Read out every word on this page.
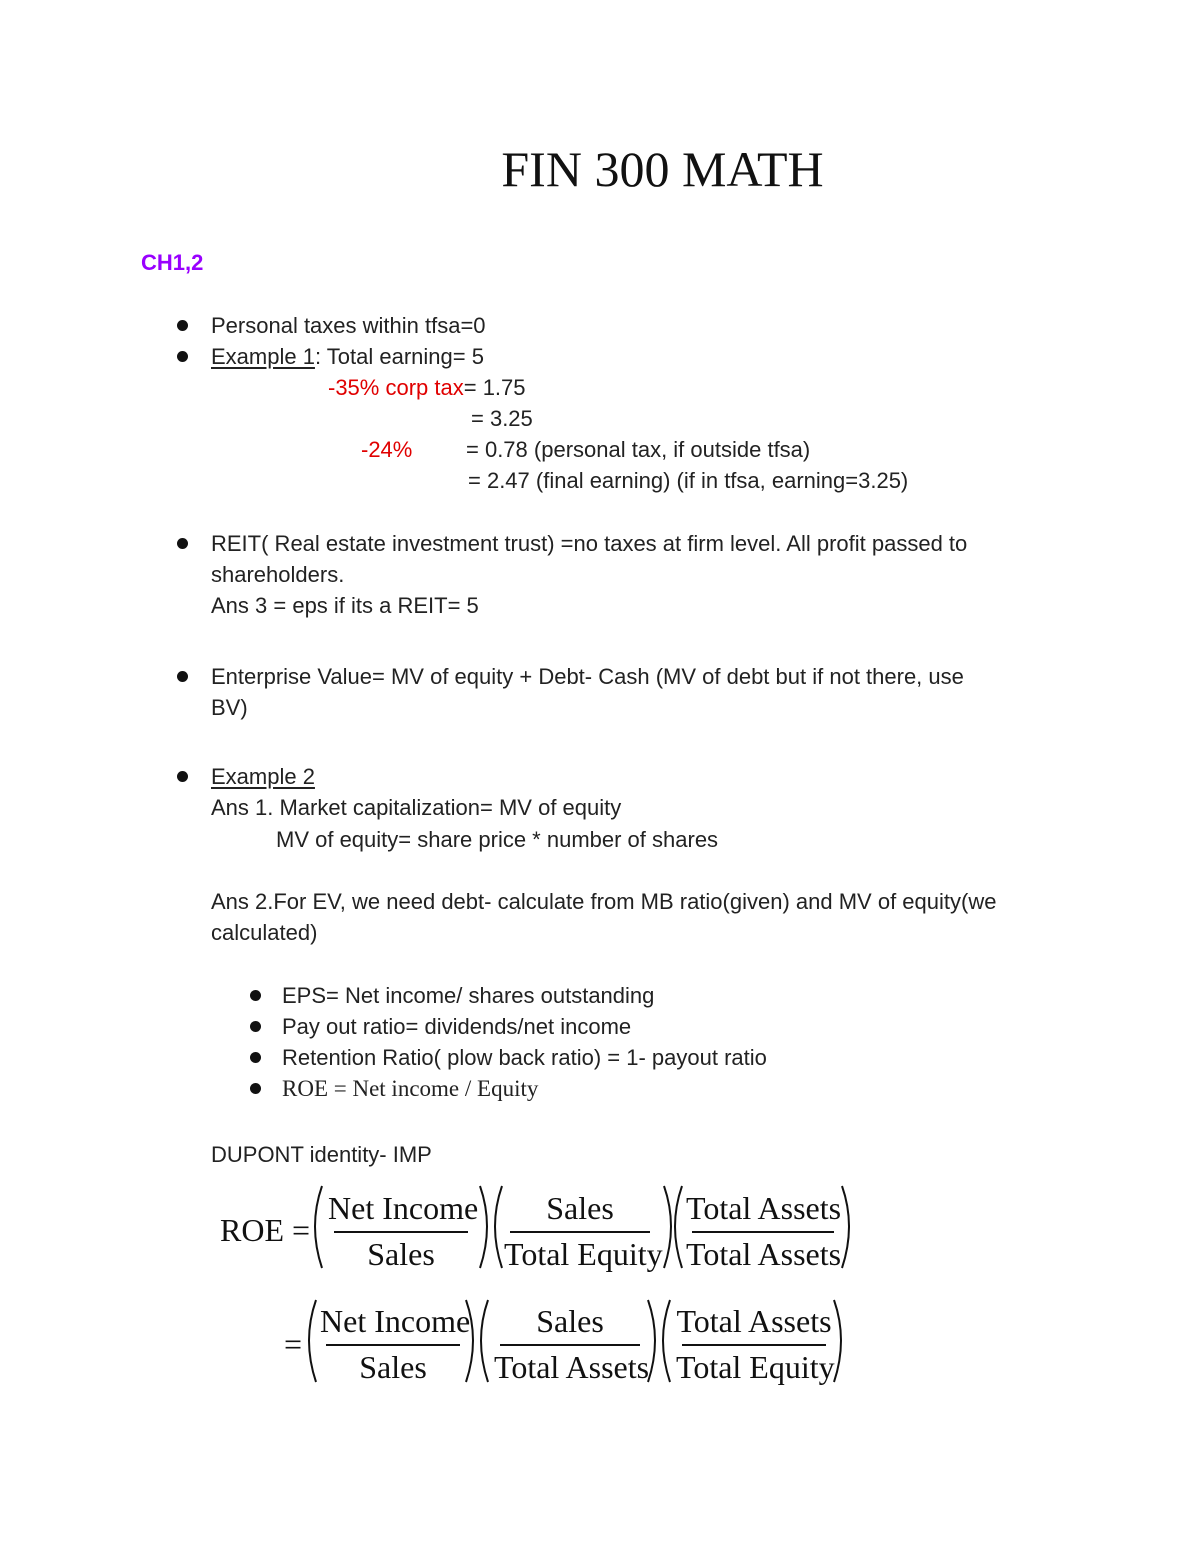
FIN 300 MATH
CH1,2
Personal taxes within tfsa=0
Example 1: Total earning= 5
-35% corp tax= 1.75
= 3.25
-24% = 0.78 (personal tax, if outside tfsa)
= 2.47 (final earning) (if in tfsa, earning=3.25)
REIT( Real estate investment trust) =no taxes at firm level. All profit passed to
shareholders.
Ans 3 = eps if its a REIT= 5
Enterprise Value= MV of equity + Debt- Cash (MV of debt but if not there, use
BV)
Example 2
Ans 1. Market capitalization= MV of equity
MV of equity= share price * number of shares
Ans 2.For EV, we need debt- calculate from MB ratio(given) and MV of equity(we
calculated)
EPS= Net income/ shares outstanding
Pay out ratio= dividends/net income
Retention Ratio( plow back ratio) = 1- payout ratio
ROE = Net income / Equity
DUPONT identity- IMP
ROE =
Net Income
Sales
Sales
Total Equity
Total Assets
Total Assets
=
Net Income
Sales
Sales
Total Assets
Total Assets
Total Equity
